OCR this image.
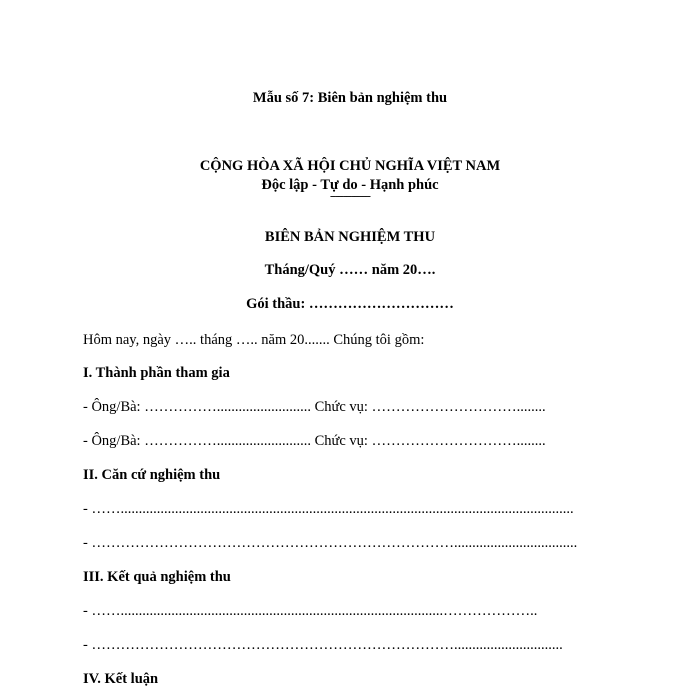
Mẫu số 7: Biên bản nghiệm thu
CỘNG HÒA XÃ HỘI CHỦ NGHĨA VIỆT NAM
Độc lập - Tự do - Hạnh phúc
---------------
BIÊN BẢN NGHIỆM THU
Tháng/Quý …… năm 20….
Gói thầu: …………………………
Hôm nay, ngày ….. tháng ….. năm 20....... Chúng tôi gồm:
I. Thành phần tham gia
- Ông/Bà: …………….......................... Chức vụ: …………………………........
- Ông/Bà: …………….......................... Chức vụ: …………………………........
II. Căn cứ nghiệm thu
- …….............................................................................................................................
- …………………………………………………………………..................................
III. Kết quả nghiệm thu
- …….........................................................................................………………..
- …………………………………………………………………..............................
IV. Kết luận
